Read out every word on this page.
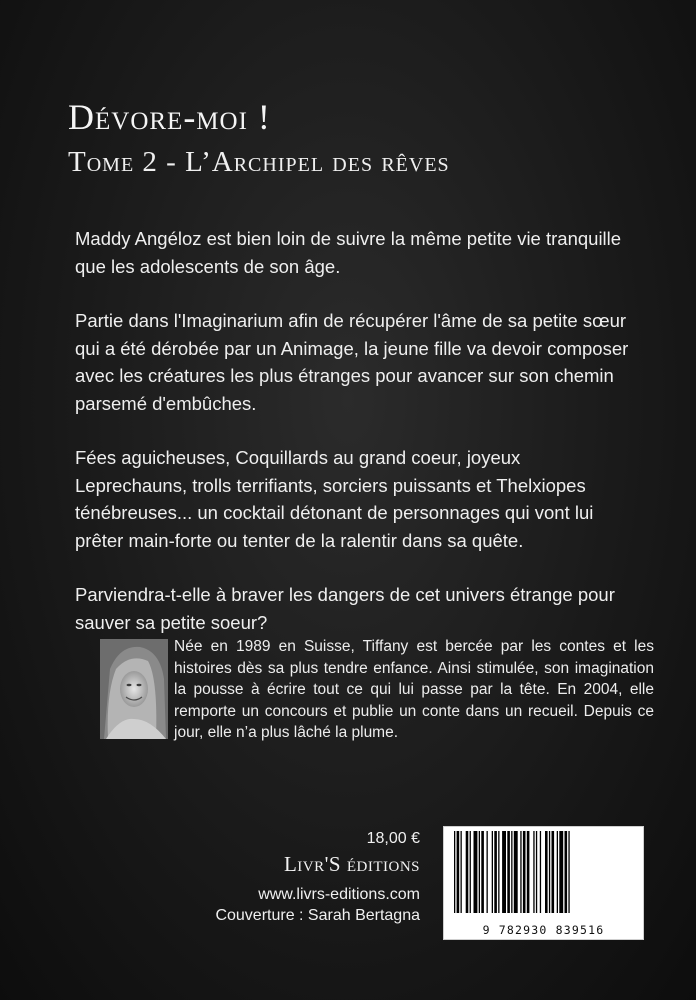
Dévore-moi !
Tome 2 - L’Archipel des rêves

Maddy Angéloz est bien loin de suivre la même petite vie tranquille que les adolescents de son âge.

Partie dans l'Imaginarium afin de récupérer l'âme de sa petite sœur qui a été dérobée par un Animage, la jeune fille va devoir composer avec les créatures les plus étranges pour avancer sur son chemin parsemé d'embûches.

Fées aguicheuses, Coquillards au grand coeur, joyeux Leprechauns, trolls terrifiants, sorciers puissants et Thelxiopes ténébreuses... un cocktail détonant de personnages qui vont lui prêter main-forte ou tenter de la ralentir dans sa quête.

Parviendra-t-elle à braver les dangers de cet univers étrange pour sauver sa petite soeur?

Née en 1989 en Suisse, Tiffany est bercée par les contes et les histoires dès sa plus tendre enfance. Ainsi stimulée, son imagination la pousse à écrire tout ce qui lui passe par la tête. En 2004, elle remporte un concours et publie un conte dans un recueil. Depuis ce jour, elle n’a plus lâché la plume.

18,00 €
Livr'S éditions
www.livrs-editions.com
Couverture : Sarah Bertagna
9 782930 839516
